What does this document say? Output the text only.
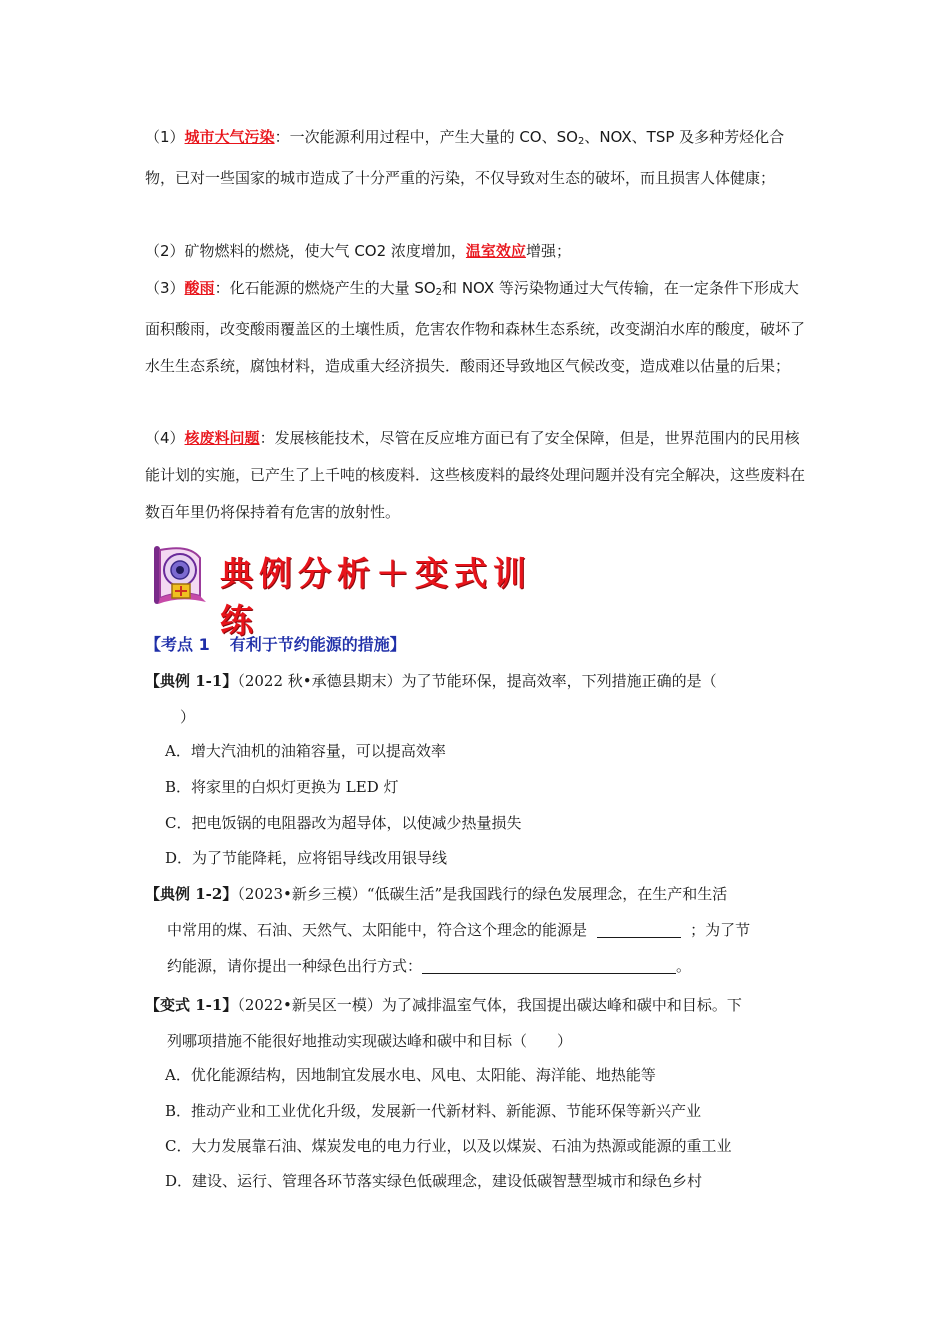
（1）城市大气污染：一次能源利用过程中，产生大量的 CO、$SO_2$、NOX、TSP 及多种芳烃化合物，已对一些国家的城市造成了十分严重的污染，不仅导致对生态的破坏，而且损害人体健康；

（2）矿物燃料的燃烧，使大气 CO2 浓度增加，温室效应增强；

（3）酸雨：化石能源的燃烧产生的大量 $SO_2$和 NOX 等污染物通过大气传输，在一定条件下形成大面积酸雨，改变酸雨覆盖区的土壤性质，危害农作物和森林生态系统，改变湖泊水库的酸度，破坏了水生生态系统，腐蚀材料，造成重大经济损失．酸雨还导致地区气候改变，造成难以估量的后果；

（4）核废料问题：发展核能技术，尽管在反应堆方面已有了安全保障，但是，世界范围内的民用核能计划的实施，已产生了上千吨的核废料．这些核废料的最终处理问题并没有完全解决，这些废料在数百年里仍将保持着有危害的放射性。

典例分析＋变式训练
【考点 1 有利于节约能源的措施】
【典例 1-1】（2022 秋•承德县期末）为了节能环保，提高效率，下列措施正确的是（
）
A．增大汽油机的油箱容量，可以提高效率
B．将家里的白炽灯更换为 LED 灯
C．把电饭锅的电阻器改为超导体，以使减少热量损失
D．为了节能降耗，应将铝导线改用银导线
【典例 1-2】（2023•新乡三模）“低碳生活”是我国践行的绿色发展理念，在生产和生活
中常用的煤、石油、天然气、太阳能中，符合这个理念的能源是	；为了节
约能源，请你提出一种绿色出行方式：	。
【变式 1-1】（2022•新吴区一模）为了减排温室气体，我国提出碳达峰和碳中和目标。下
列哪项措施不能很好地推动实现碳达峰和碳中和目标（　　）
A．优化能源结构，因地制宜发展水电、风电、太阳能、海洋能、地热能等
B．推动产业和工业优化升级，发展新一代新材料、新能源、节能环保等新兴产业
C．大力发展靠石油、煤炭发电的电力行业，以及以煤炭、石油为热源或能源的重工业
D．建设、运行、管理各环节落实绿色低碳理念，建设低碳智慧型城市和绿色乡村
